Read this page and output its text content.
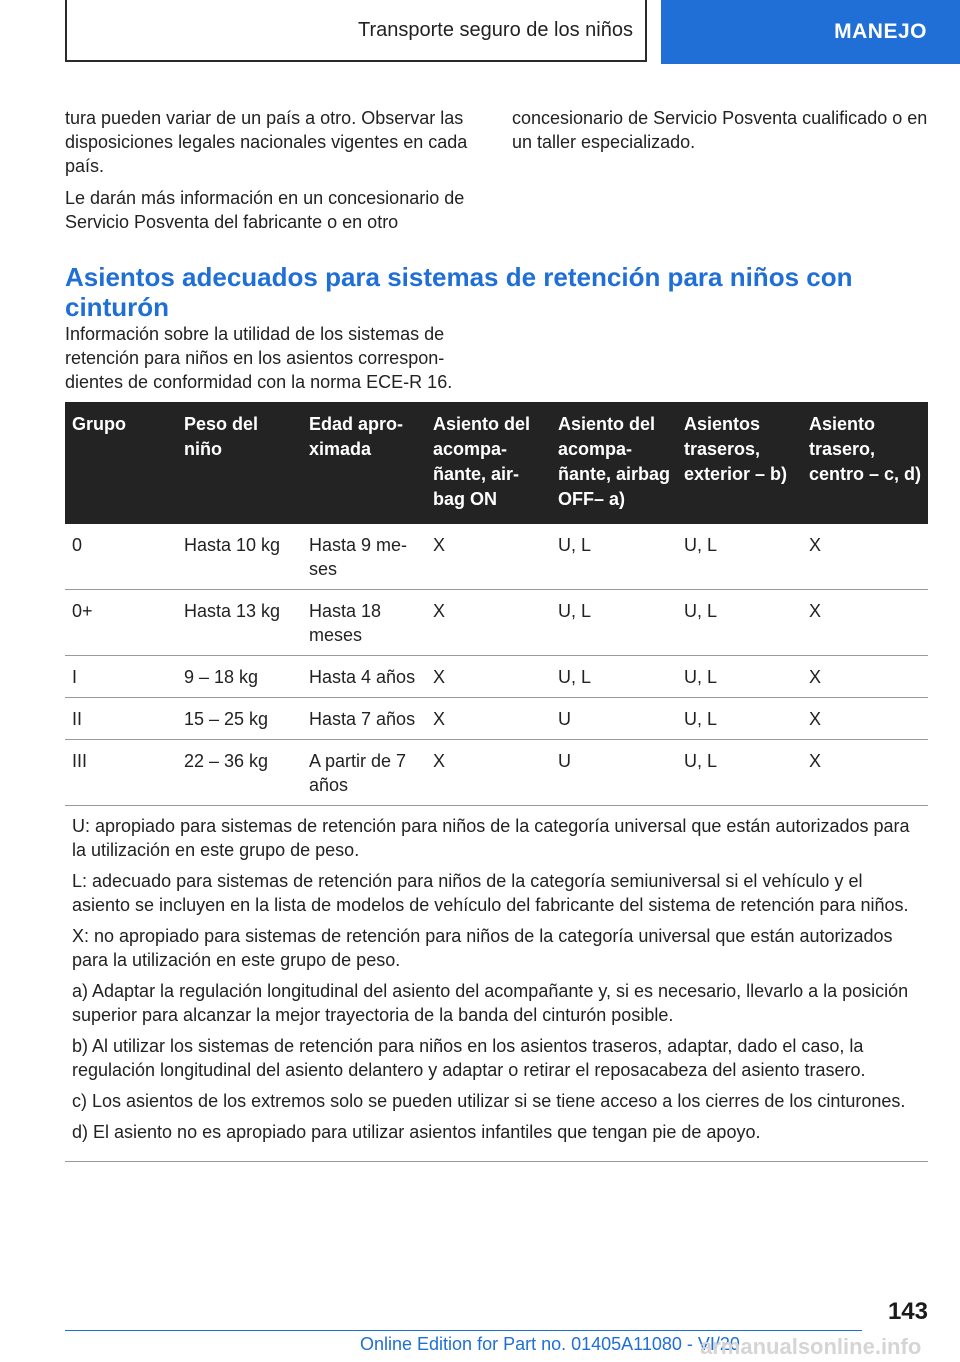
Transporte seguro de los niños	MANEJO

tura pueden variar de un país a otro. Observar las disposiciones legales nacionales vigentes en cada país.

Le darán más información en un concesionario de Servicio Posventa del fabricante o en otro

concesionario de Servicio Posventa cualificado o en un taller especializado.

Asientos adecuados para sistemas de retención para niños con cinturón
Información sobre la utilidad de los sistemas de retención para niños en los asientos correspondientes de conformidad con la norma ECE-R 16.
Grupo	Peso del niño	Edad aproximada	Asiento del acompañante, airbag ON	Asiento del acompañante, airbag OFF– a)	Asientos traseros, exterior – b)	Asiento trasero, centro – c, d)
0	Hasta 10 kg	Hasta 9 meses	X	U, L	U, L	X
0+	Hasta 13 kg	Hasta 18 meses	X	U, L	U, L	X
I	9 – 18 kg	Hasta 4 años	X	U, L	U, L	X
II	15 – 25 kg	Hasta 7 años	X	U	U, L	X
III	22 – 36 kg	A partir de 7 años	X	U	U, L	X

U: apropiado para sistemas de retención para niños de la categoría universal que están autorizados para la utilización en este grupo de peso.

L: adecuado para sistemas de retención para niños de la categoría semiuniversal si el vehículo y el asiento se incluyen en la lista de modelos de vehículo del fabricante del sistema de retención para niños.

X: no apropiado para sistemas de retención para niños de la categoría universal que están autorizados para la utilización en este grupo de peso.

a) Adaptar la regulación longitudinal del asiento del acompañante y, si es necesario, llevarlo a la posición superior para alcanzar la mejor trayectoria de la banda del cinturón posible.

b) Al utilizar los sistemas de retención para niños en los asientos traseros, adaptar, dado el caso, la regulación longitudinal del asiento delantero y adaptar o retirar el reposacabeza del asiento trasero.

c) Los asientos de los extremos solo se pueden utilizar si se tiene acceso a los cierres de los cinturones.

d) El asiento no es apropiado para utilizar asientos infantiles que tengan pie de apoyo.

143
Online Edition for Part no. 01405A11080 - VI/20
armanualsonline.info
